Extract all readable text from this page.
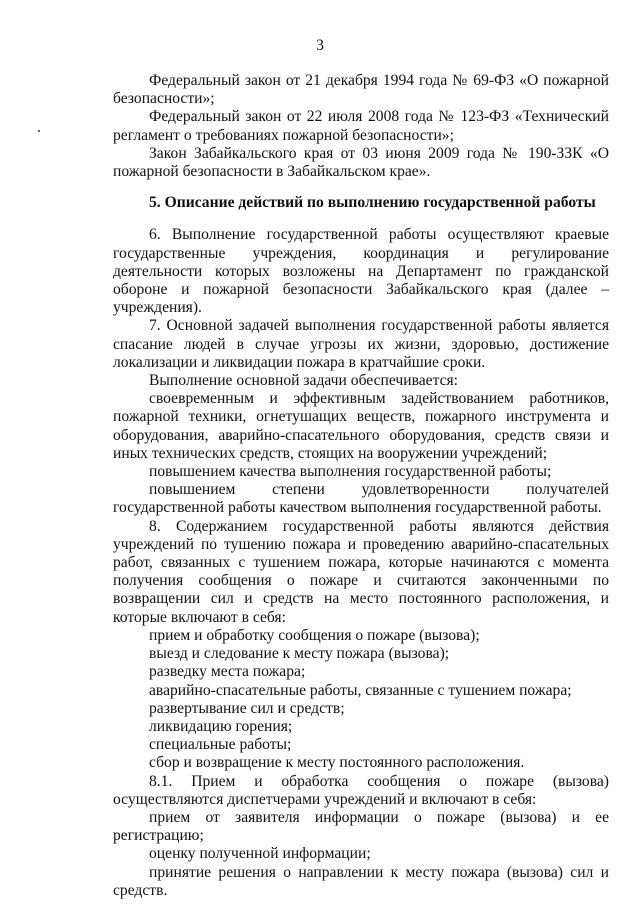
3

Федеральный закон от 21 декабря 1994 года № 69-ФЗ «О пожарной безопасности»;

Федеральный закон от 22 июля 2008 года № 123-ФЗ «Технический регламент о требованиях пожарной безопасности»;

Закон Забайкальского края от 03 июня 2009 года № 190-ЗЗК «О пожарной безопасности в Забайкальском крае».

5. Описание действий по выполнению государственной работы

6. Выполнение государственной работы осуществляют краевые государственные учреждения, координация и регулирование деятельности которых возложены на Департамент по гражданской обороне и пожарной безопасности Забайкальского края (далее – учреждения).

7. Основной задачей выполнения государственной работы является спасание людей в случае угрозы их жизни, здоровью, достижение локализации и ликвидации пожара в кратчайшие сроки.

Выполнение основной задачи обеспечивается:

своевременным и эффективным задействованием работников, пожарной техники, огнетушащих веществ, пожарного инструмента и оборудования, аварийно-спасательного оборудования, средств связи и иных технических средств, стоящих на вооружении учреждений;

повышением качества выполнения государственной работы;

повышением степени удовлетворенности получателей государственной работы качеством выполнения государственной работы.

8. Содержанием государственной работы являются действия учреждений по тушению пожара и проведению аварийно-спасательных работ, связанных с тушением пожара, которые начинаются с момента получения сообщения о пожаре и считаются законченными по возвращении сил и средств на место постоянного расположения, и которые включают в себя:

прием и обработку сообщения о пожаре (вызова);

выезд и следование к месту пожара (вызова);

разведку места пожара;

аварийно-спасательные работы, связанные с тушением пожара;

развертывание сил и средств;

ликвидацию горения;

специальные работы;

сбор и возвращение к месту постоянного расположения.

8.1. Прием и обработка сообщения о пожаре (вызова) осуществляются диспетчерами учреждений и включают в себя:

прием от заявителя информации о пожаре (вызова) и ее регистрацию;

оценку полученной информации;

принятие решения о направлении к месту пожара (вызова) сил и средств.
